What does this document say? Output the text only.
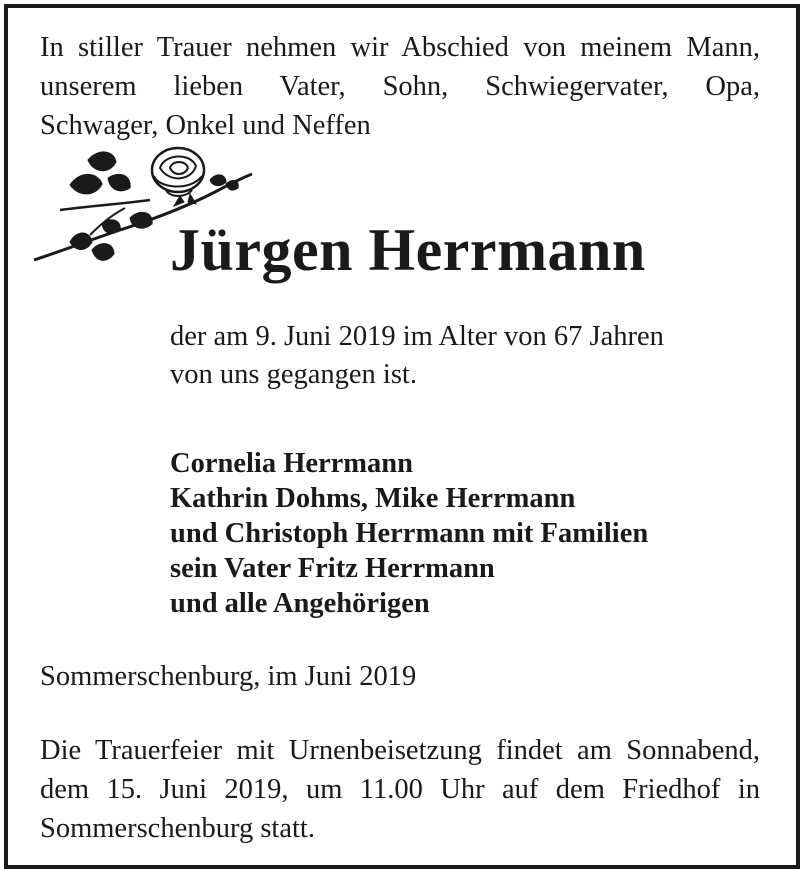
In stiller Trauer nehmen wir Abschied von meinem Mann,
unserem lieben Vater, Sohn, Schwiegervater, Opa,
Schwager, Onkel und Neffen
Jürgen Herrmann
der am 9. Juni 2019 im Alter von 67 Jahren
von uns gegangen ist.
Cornelia Herrmann
Kathrin Dohms, Mike Herrmann
und Christoph Herrmann mit Familien
sein Vater Fritz Herrmann
und alle Angehörigen
Sommerschenburg, im Juni 2019
Die Trauerfeier mit Urnenbeisetzung findet am Sonnabend,
dem 15. Juni 2019, um 11.00 Uhr auf dem Friedhof in
Sommerschenburg statt.
